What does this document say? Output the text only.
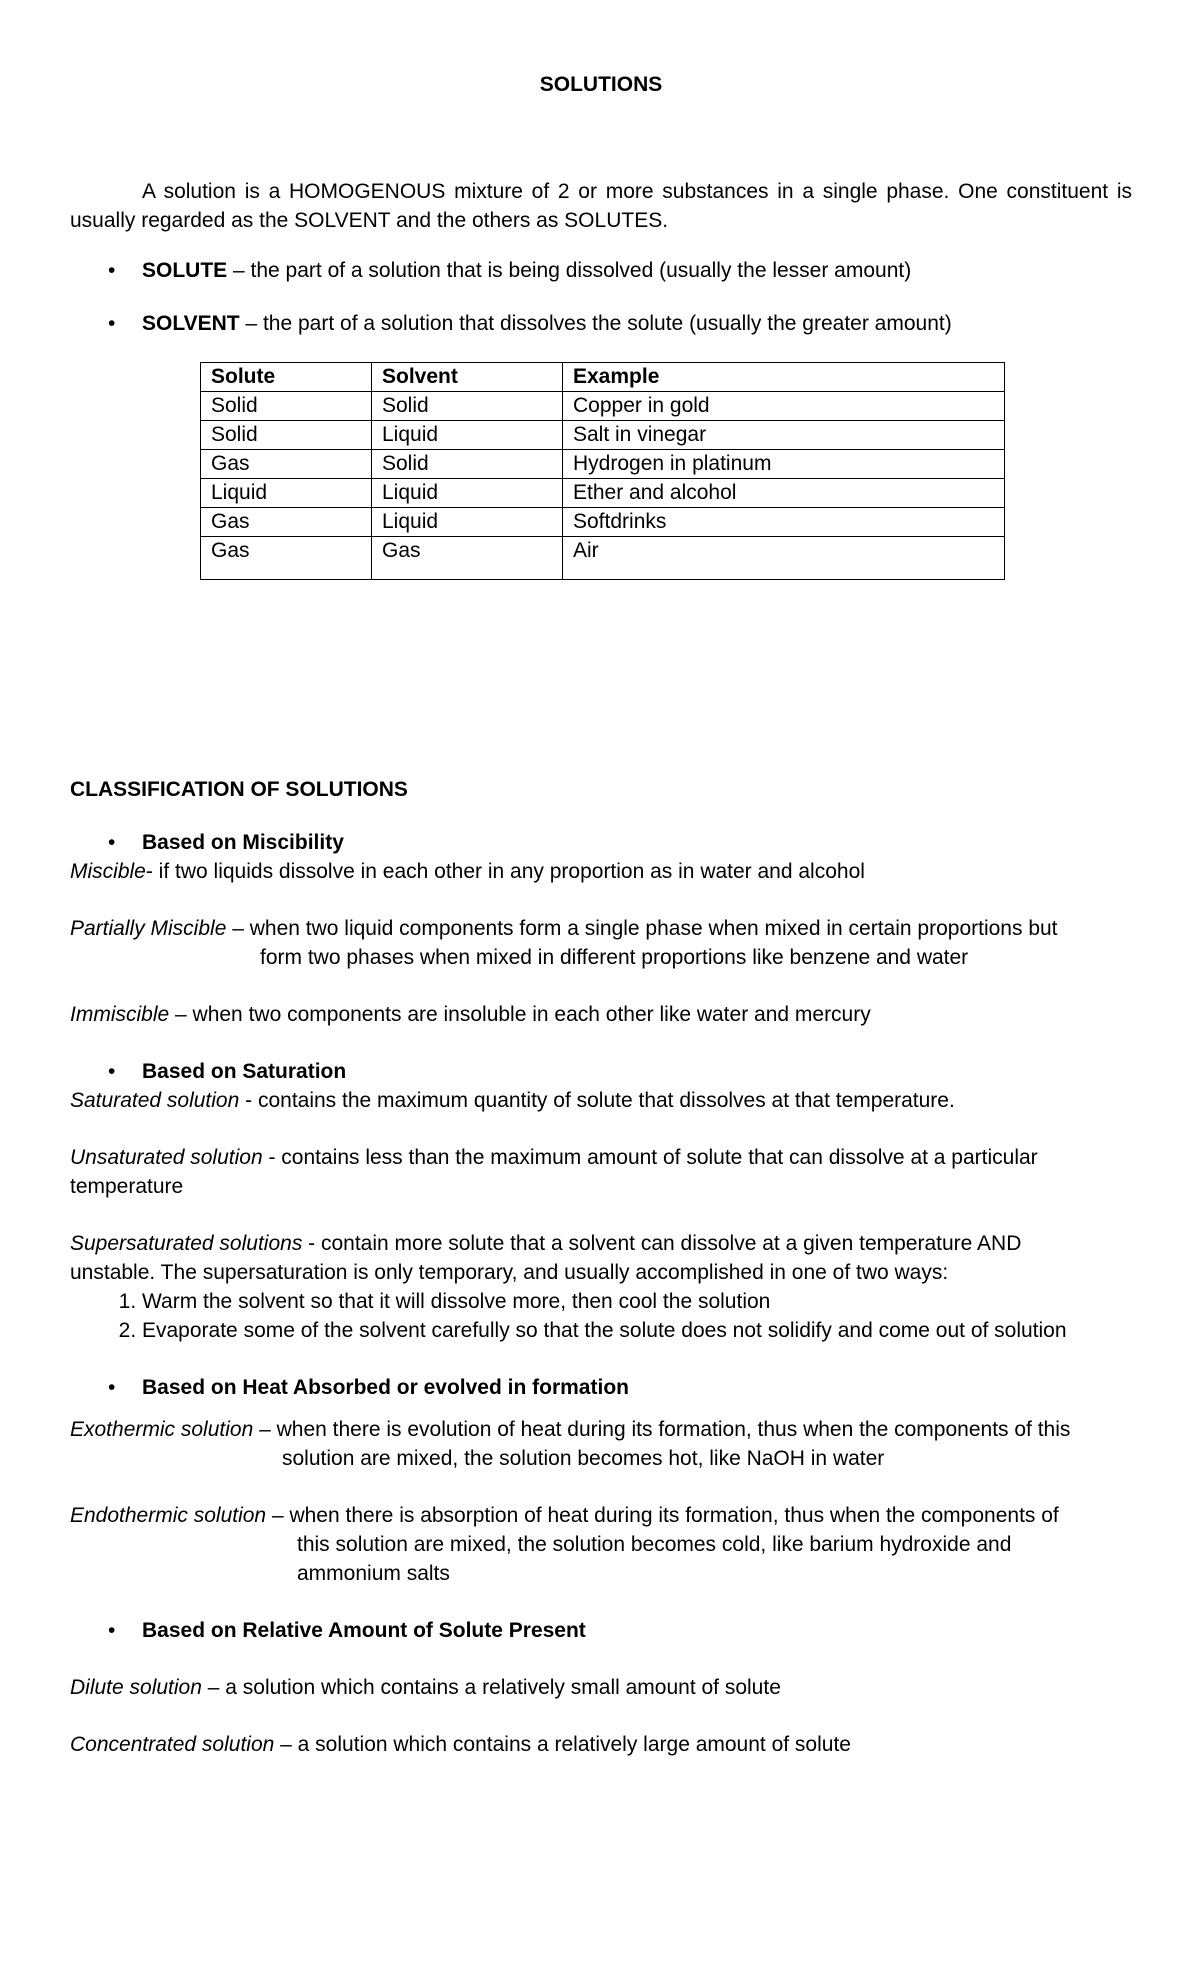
SOLUTIONS

A solution is a HOMOGENOUS mixture of 2 or more substances in a single phase. One constituent is usually regarded as the SOLVENT and the others as SOLUTES.

• SOLUTE – the part of a solution that is being dissolved (usually the lesser amount)
• SOLVENT – the part of a solution that dissolves the solute (usually the greater amount)
Solute	Solvent	Example
Solid	Solid	Copper in gold
Solid	Liquid	Salt in vinegar
Gas	Solid	Hydrogen in platinum
Liquid	Liquid	Ether and alcohol
Gas	Liquid	Softdrinks
Gas	Gas	Air

CLASSIFICATION OF SOLUTIONS

• Based on Miscibility
Miscible- if two liquids dissolve in each other in any proportion as in water and alcohol
Partially Miscible – when two liquid components form a single phase when mixed in certain proportions but
form two phases when mixed in different proportions like benzene and water
Immiscible – when two components are insoluble in each other like water and mercury
• Based on Saturation
Saturated solution - contains the maximum quantity of solute that dissolves at that temperature.
Unsaturated solution - contains less than the maximum amount of solute that can dissolve at a particular
temperature
Supersaturated solutions - contain more solute that a solvent can dissolve at a given temperature AND
unstable. The supersaturation is only temporary, and usually accomplished in one of two ways:
1. Warm the solvent so that it will dissolve more, then cool the solution
2. Evaporate some of the solvent carefully so that the solute does not solidify and come out of solution
• Based on Heat Absorbed or evolved in formation
Exothermic solution – when there is evolution of heat during its formation, thus when the components of this
solution are mixed, the solution becomes hot, like NaOH in water
Endothermic solution – when there is absorption of heat during its formation, thus when the components of
this solution are mixed, the solution becomes cold, like barium hydroxide and
ammonium salts
• Based on Relative Amount of Solute Present
Dilute solution – a solution which contains a relatively small amount of solute
Concentrated solution – a solution which contains a relatively large amount of solute
